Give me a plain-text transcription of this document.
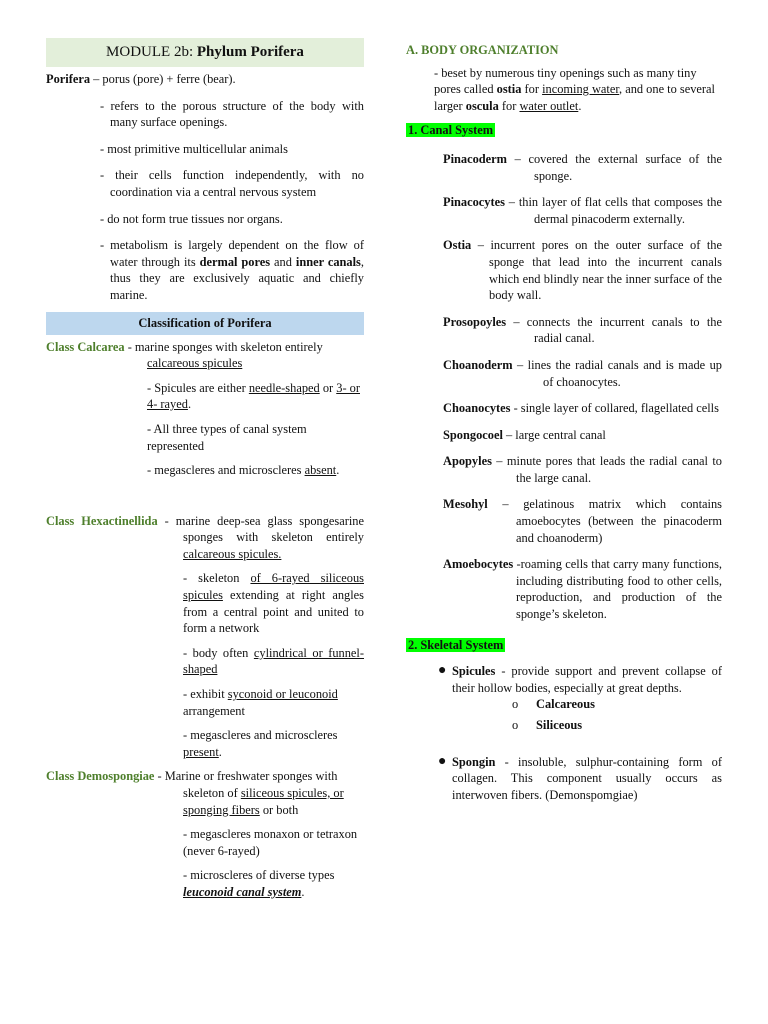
MODULE 2b: Phylum Porifera

Porifera – porus (pore) + ferre (bear).

- refers to the porous structure of the body with many surface openings.

- most primitive multicellular animals

- their cells function independently, with no coordination via a central nervous system

- do not form true tissues nor organs.

- metabolism is largely dependent on the flow of water through its dermal pores and inner canals, thus they are exclusively aquatic and chiefly marine.

Classification of Porifera

Class Calcarea - marine sponges with skeleton entirely calcareous spicules

- Spicules are either needle-shaped or 3- or 4- rayed.

- All three types of canal system represented

- megascleres and microscleres absent.

Class Hexactinellida - marine deep-sea glass spongesarine sponges with skeleton entirely calcareous spicules.

- skeleton of 6-rayed siliceous spicules extending at right angles from a central point and united to form a network

- body often cylindrical or funnel-shaped

- exhibit syconoid or leuconoid arrangement

- megascleres and microscleres present.

Class Demospongiae - Marine or freshwater sponges with skeleton of siliceous spicules, or sponging fibers or both

- megascleres monaxon or tetraxon (never 6-rayed)

- microscleres of diverse types

leuconoid canal system.

A. BODY ORGANIZATION

- beset by numerous tiny openings such as many tiny pores called ostia for incoming water, and one to several larger oscula for water outlet.

1. Canal System

Pinacoderm – covered the external surface of the sponge.

Pinacocytes – thin layer of flat cells that composes the dermal pinacoderm externally.

Ostia – incurrent pores on the outer surface of the sponge that lead into the incurrent canals which end blindly near the inner surface of the body wall.

Prosopoyles – connects the incurrent canals to the radial canal.

Choanoderm – lines the radial canals and is made up of choanocytes.

Choanocytes - single layer of collared, flagellated cells

Spongocoel – large central canal

Apopyles – minute pores that leads the radial canal to the large canal.

Mesohyl – gelatinous matrix which contains amoebocytes (between the pinacoderm and choanoderm)

Amoebocytes -roaming cells that carry many functions, including distributing food to other cells, reproduction, and production of the sponge’s skeleton.

2. Skeletal System

● Spicules - provide support and prevent collapse of their hollow bodies, especially at great depths.

o	Calcareous
o	Siliceous
● Spongin - insoluble, sulphur-containing form of collagen. This component usually occurs as interwoven fibers. (Demonspomgiae)
